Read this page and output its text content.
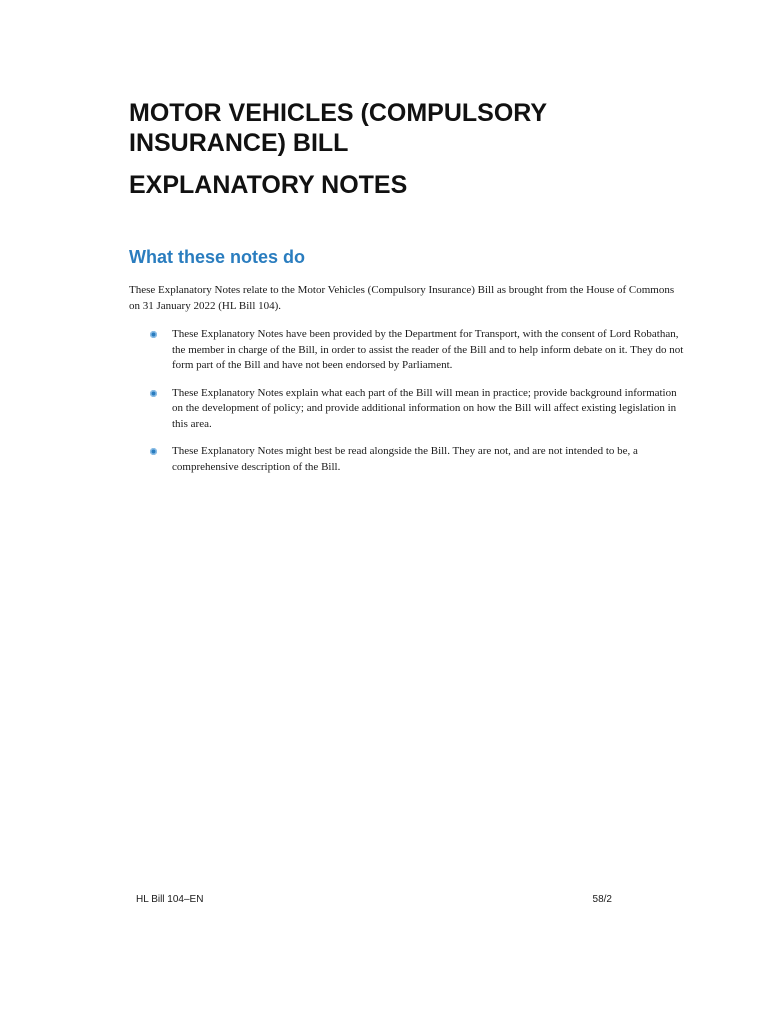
MOTOR VEHICLES (COMPULSORY INSURANCE) BILL
EXPLANATORY NOTES
What these notes do

These Explanatory Notes relate to the Motor Vehicles (Compulsory Insurance) Bill as brought from the House of Commons on 31 January 2022 (HL Bill 104).

These Explanatory Notes have been provided by the Department for Transport, with the consent of Lord Robathan, the member in charge of the Bill, in order to assist the reader of the Bill and to help inform debate on it. They do not form part of the Bill and have not been endorsed by Parliament.
These Explanatory Notes explain what each part of the Bill will mean in practice; provide background information on the development of policy; and provide additional information on how the Bill will affect existing legislation in this area.
These Explanatory Notes might best be read alongside the Bill. They are not, and are not intended to be, a comprehensive description of the Bill.
HL Bill 104–EN	58/2
